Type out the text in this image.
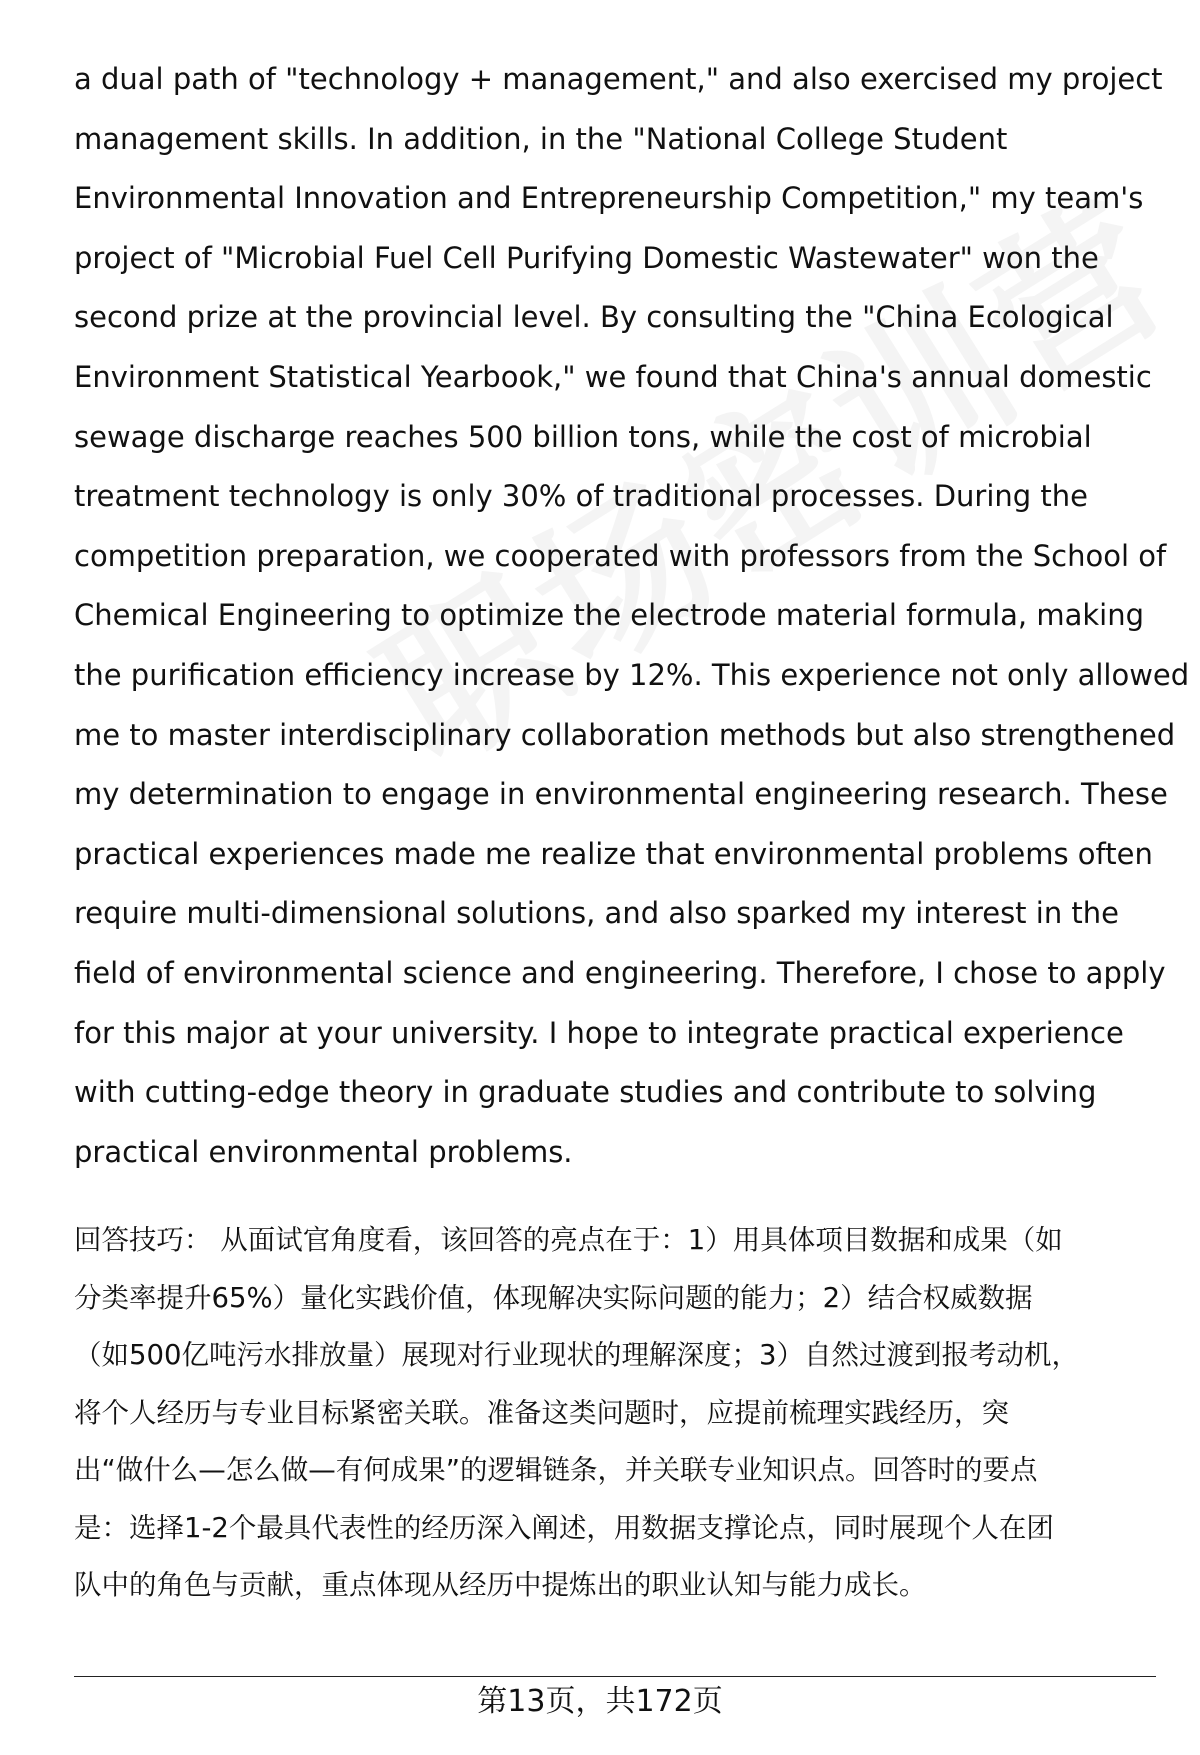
a dual path of "technology + management," and also exercised my project
management skills. In addition, in the "National College Student
Environmental Innovation and Entrepreneurship Competition," my team's
project of "Microbial Fuel Cell Purifying Domestic Wastewater" won the
second prize at the provincial level. By consulting the "China Ecological
Environment Statistical Yearbook," we found that China's annual domestic
sewage discharge reaches 500 billion tons, while the cost of microbial
treatment technology is only 30% of traditional processes. During the
competition preparation, we cooperated with professors from the School of
Chemical Engineering to optimize the electrode material formula, making
the purification efficiency increase by 12%. This experience not only allowed
me to master interdisciplinary collaboration methods but also strengthened
my determination to engage in environmental engineering research. These
practical experiences made me realize that environmental problems often
require multi-dimensional solutions, and also sparked my interest in the
field of environmental science and engineering. Therefore, I chose to apply
for this major at your university. I hope to integrate practical experience
with cutting-edge theory in graduate studies and contribute to solving
practical environmental problems.
回答技巧： 从面试官角度看，该回答的亮点在于：1）用具体项目数据和成果（如
分类率提升65%）量化实践价值，体现解决实际问题的能力；2）结合权威数据
（如500亿吨污水排放量）展现对行业现状的理解深度；3）自然过渡到报考动机，
将个人经历与专业目标紧密关联。准备这类问题时，应提前梳理实践经历，突
出“做什么—怎么做—有何成果”的逻辑链条，并关联专业知识点。回答时的要点
是：选择1-2个最具代表性的经历深入阐述，用数据支撑论点，同时展现个人在团
队中的角色与贡献，重点体现从经历中提炼出的职业认知与能力成长。
第13页，共172页
